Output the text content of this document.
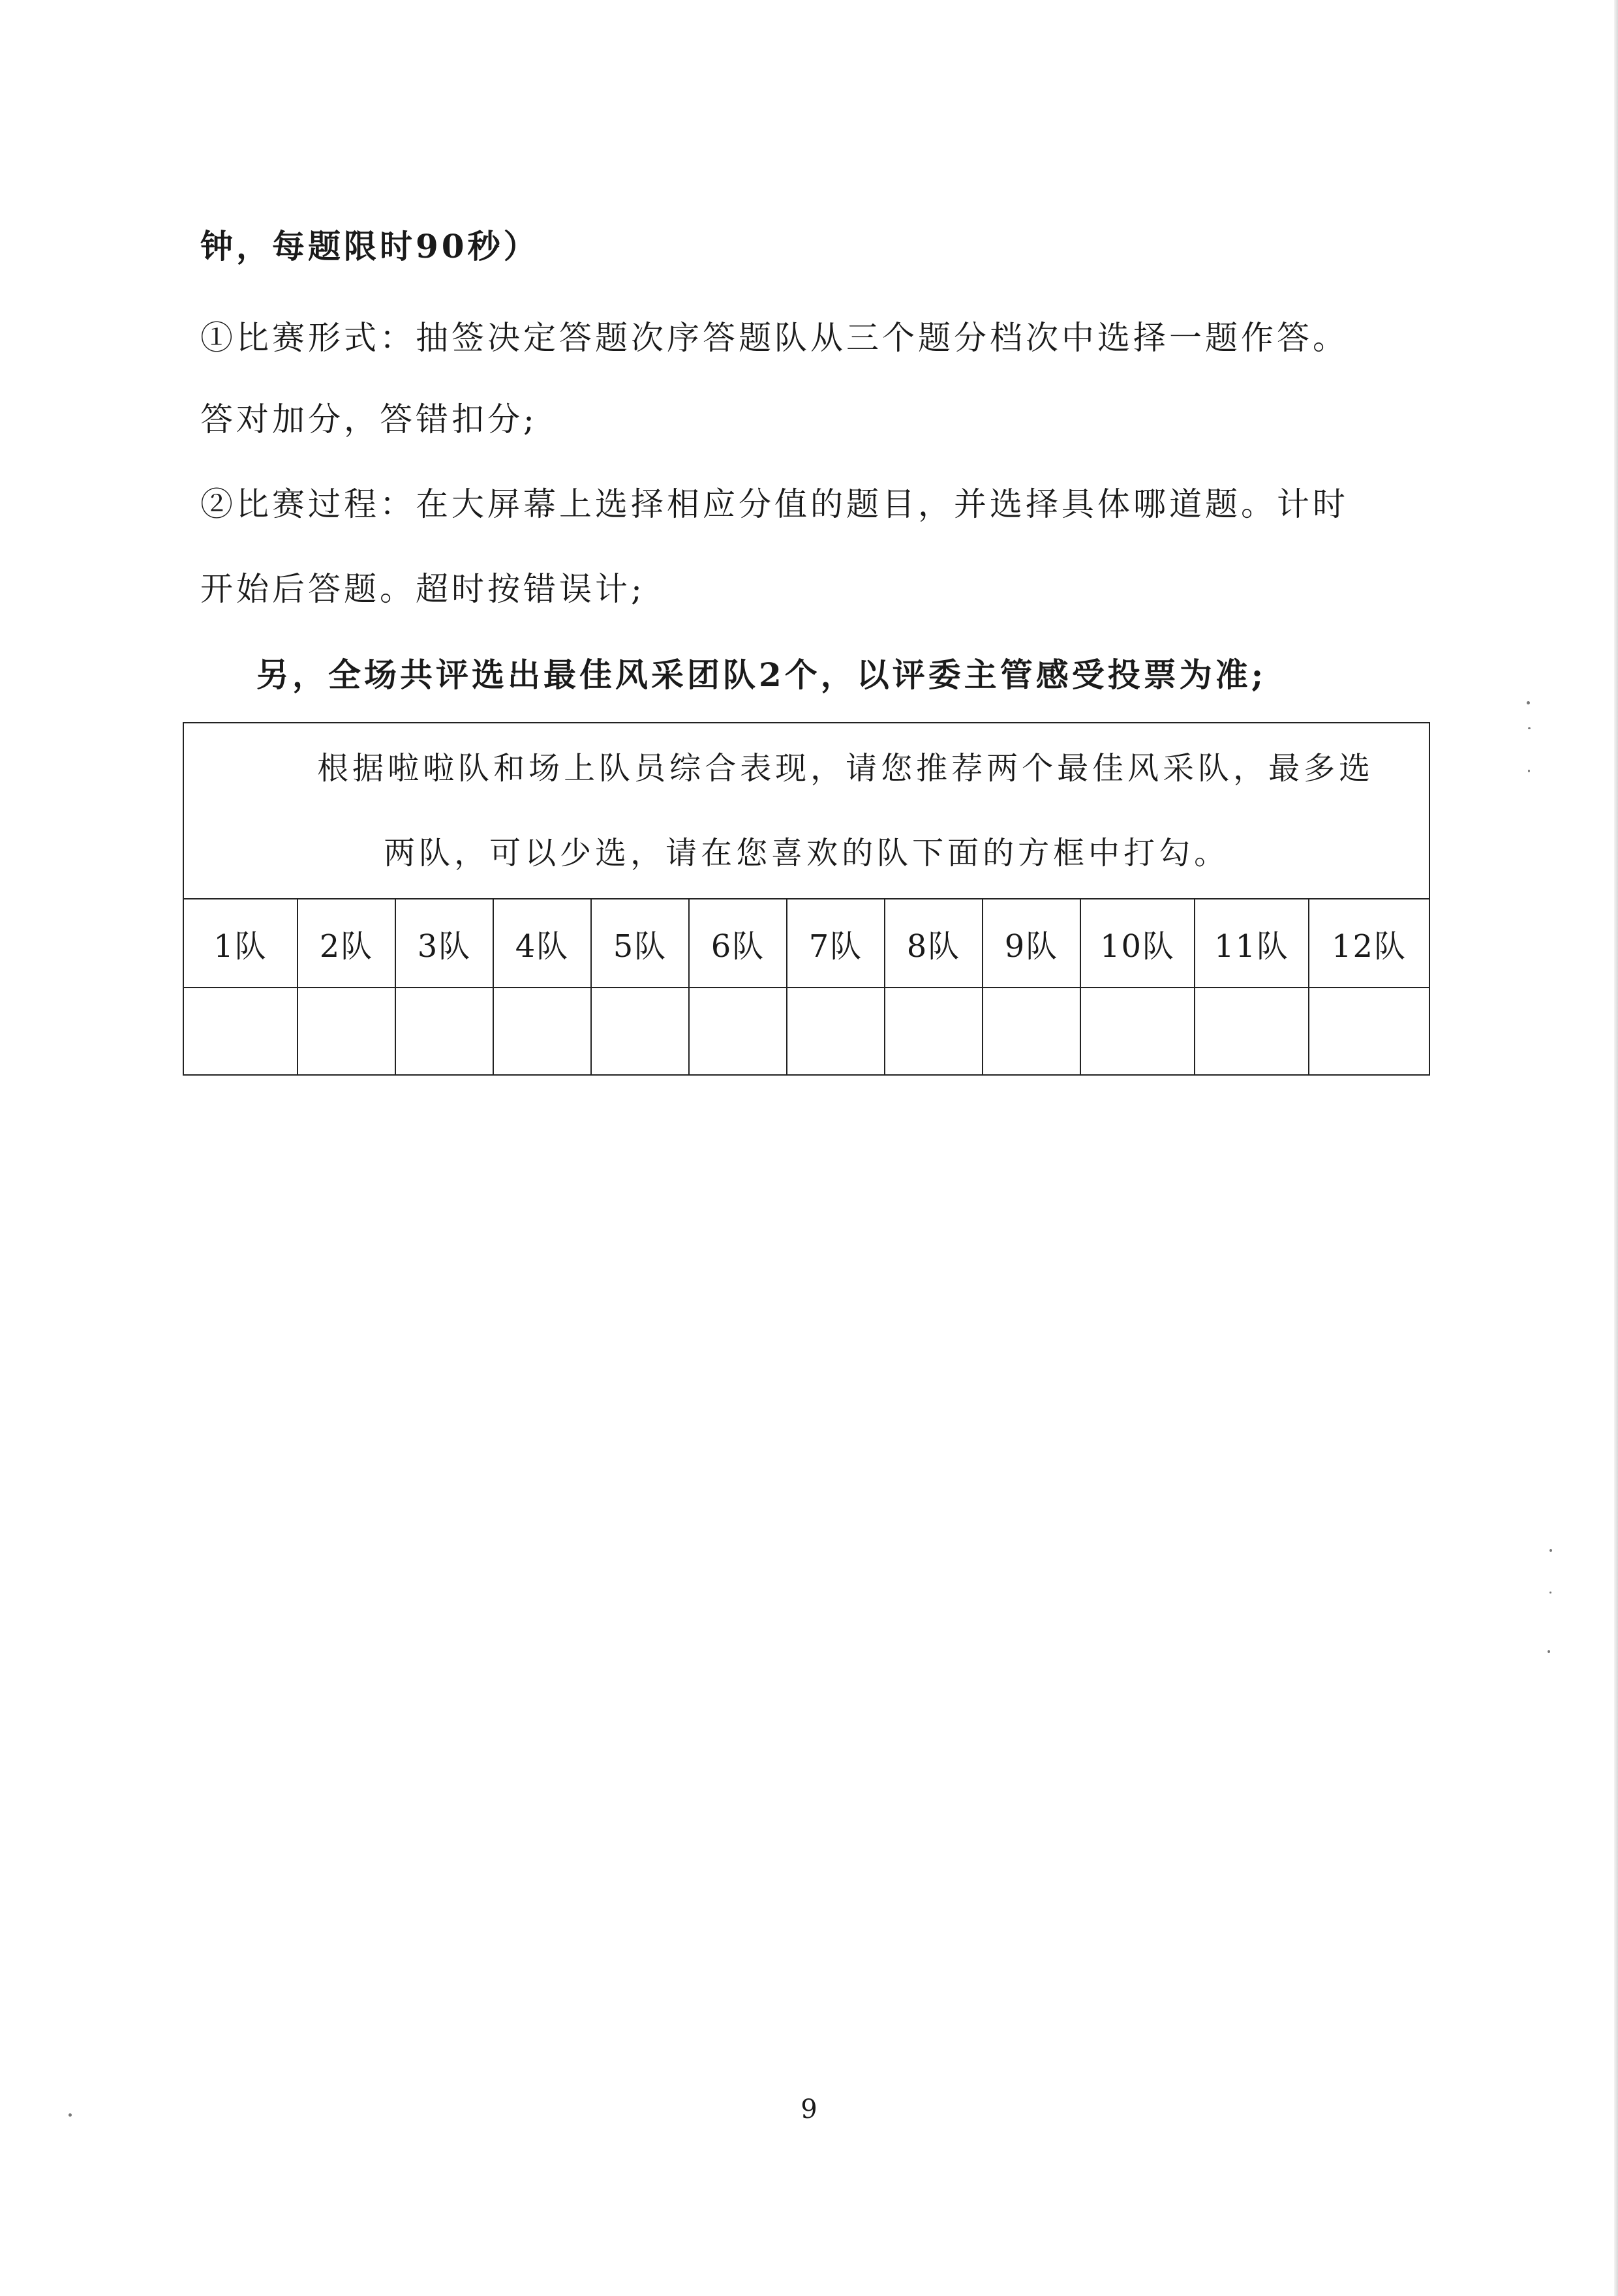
钟，每题限时90秒）
①比赛形式：抽签决定答题次序答题队从三个题分档次中选择一题作答。
答对加分，答错扣分;
②比赛过程：在大屏幕上选择相应分值的题目，并选择具体哪道题。计时
开始后答题。超时按错误计;
另，全场共评选出最佳风采团队2个，以评委主管感受投票为准;
根据啦啦队和场上队员综合表现，请您推荐两个最佳风采队，最多选
两队，可以少选，请在您喜欢的队下面的方框中打勾。											
1队	2队	3队	4队	5队	6队	7队	8队	9队	10队	11队	12队

9
